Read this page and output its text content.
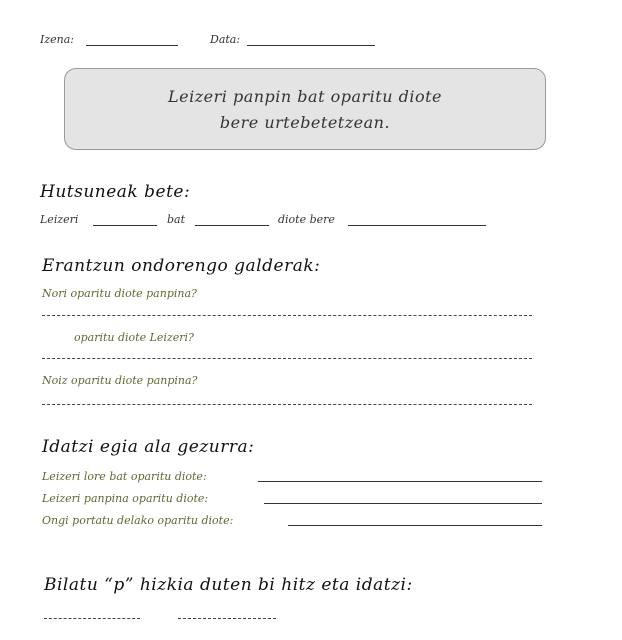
Izena:	Data:
Leizeri panpin bat oparitu diote
bere urtebetetzean.
Hutsuneak bete:
Leizeri	bat	diote bere
Erantzun ondorengo galderak:
Nori oparitu diote panpina?
oparitu diote Leizeri?
Noiz oparitu diote panpina?
Idatzi egia ala gezurra:
Leizeri lore bat oparitu diote:
Leizeri panpina oparitu diote:
Ongi portatu delako oparitu diote:
Bilatu “p” hizkia duten bi hitz eta idatzi:
